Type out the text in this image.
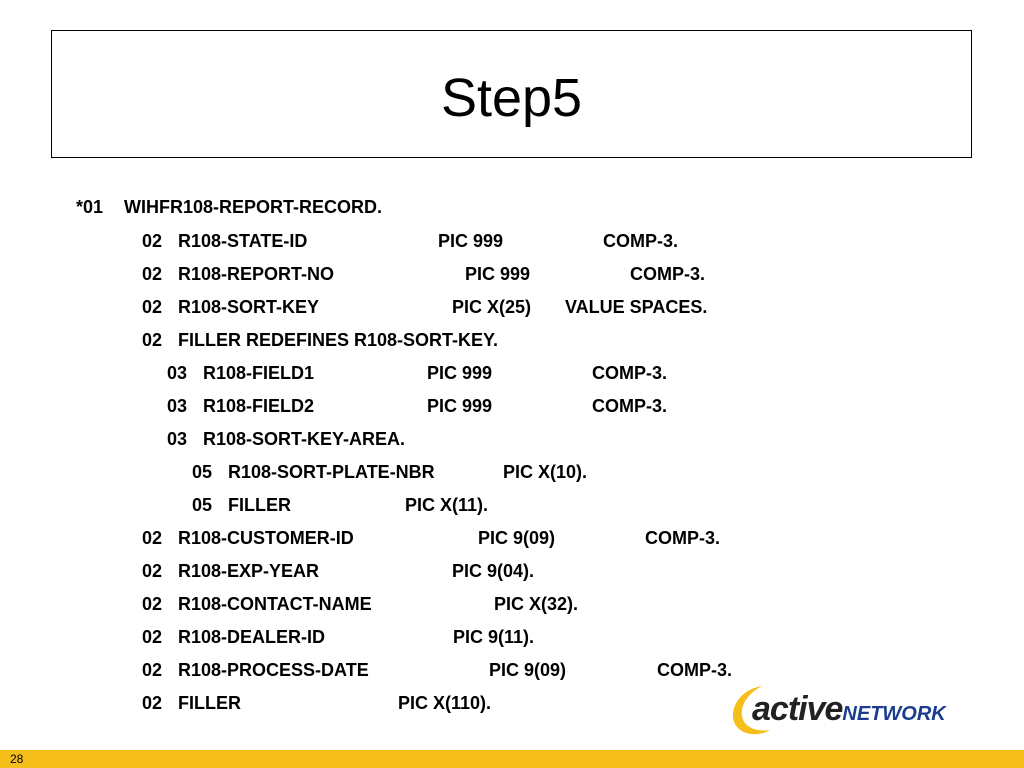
Step5
*01 WIHFR108-REPORT-RECORD.
02 R108-STATE-ID	PIC 999	COMP-3.
02 R108-REPORT-NO	PIC 999	COMP-3.
02 R108-SORT-KEY	PIC X(25) VALUE SPACES.
02 FILLER REDEFINES R108-SORT-KEY.
03 R108-FIELD1	PIC 999	COMP-3.
03 R108-FIELD2	PIC 999	COMP-3.
03 R108-SORT-KEY-AREA.
05 R108-SORT-PLATE-NBR	PIC X(10).
05 FILLER	PIC X(11).
02 R108-CUSTOMER-ID	PIC 9(09)	COMP-3.
02 R108-EXP-YEAR	PIC 9(04).
02 R108-CONTACT-NAME	PIC X(32).
02 R108-DEALER-ID	PIC 9(11).
02 R108-PROCESS-DATE	PIC 9(09)	COMP-3.
02 FILLER	PIC X(110).	activeNETWORK
28
